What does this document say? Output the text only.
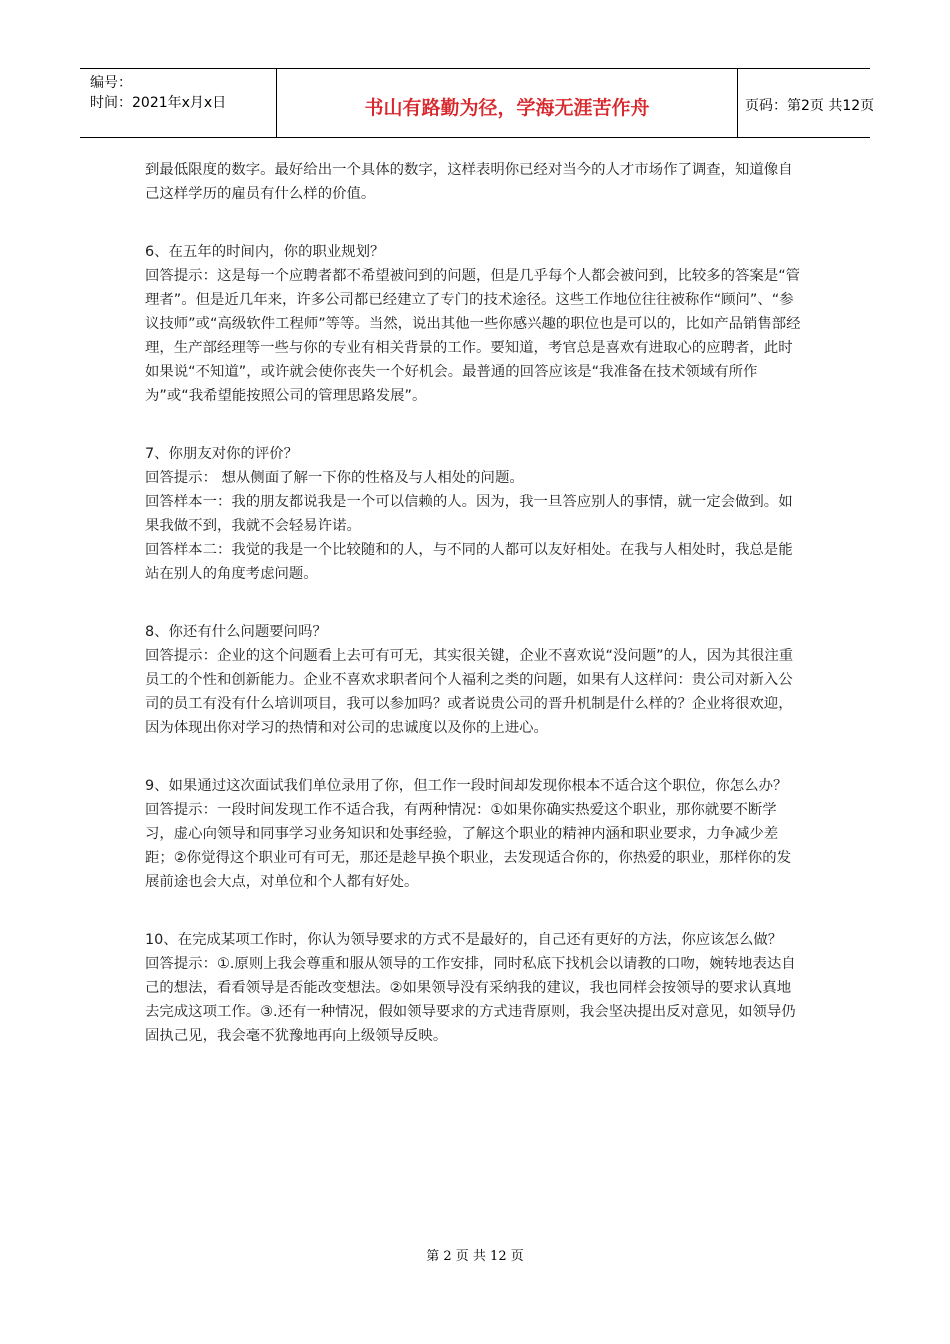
编号：
时间：2021年x月x日	书山有路勤为径，学海无涯苦作舟	页码：第2页 共12页

到最低限度的数字。最好给出一个具体的数字，这样表明你已经对当今的人才市场作了调查，知道像自己这样学历的雇员有什么样的价值。

6、在五年的时间内，你的职业规划？

回答提示：这是每一个应聘者都不希望被问到的问题，但是几乎每个人都会被问到，比较多的答案是“管理者”。但是近几年来，许多公司都已经建立了专门的技术途径。这些工作地位往往被称作“顾问”、“参议技师”或“高级软件工程师”等等。当然，说出其他一些你感兴趣的职位也是可以的，比如产品销售部经理，生产部经理等一些与你的专业有相关背景的工作。要知道，考官总是喜欢有进取心的应聘者，此时如果说“不知道”，或许就会使你丧失一个好机会。最普通的回答应该是“我准备在技术领域有所作为”或“我希望能按照公司的管理思路发展”。

7、你朋友对你的评价？

回答提示： 想从侧面了解一下你的性格及与人相处的问题。

回答样本一：我的朋友都说我是一个可以信赖的人。因为，我一旦答应别人的事情，就一定会做到。如果我做不到，我就不会轻易许诺。

回答样本二：我觉的我是一个比较随和的人，与不同的人都可以友好相处。在我与人相处时，我总是能站在别人的角度考虑问题。

8、你还有什么问题要问吗？

回答提示：企业的这个问题看上去可有可无，其实很关键，企业不喜欢说“没问题”的人，因为其很注重员工的个性和创新能力。企业不喜欢求职者问个人福利之类的问题，如果有人这样问：贵公司对新入公司的员工有没有什么培训项目，我可以参加吗？或者说贵公司的晋升机制是什么样的？企业将很欢迎，因为体现出你对学习的热情和对公司的忠诚度以及你的上进心。

9、如果通过这次面试我们单位录用了你，但工作一段时间却发现你根本不适合这个职位，你怎么办？

回答提示：一段时间发现工作不适合我，有两种情况：①如果你确实热爱这个职业，那你就要不断学习，虚心向领导和同事学习业务知识和处事经验，了解这个职业的精神内涵和职业要求，力争减少差距；②你觉得这个职业可有可无，那还是趁早换个职业，去发现适合你的，你热爱的职业，那样你的发展前途也会大点，对单位和个人都有好处。

10、在完成某项工作时，你认为领导要求的方式不是最好的，自己还有更好的方法，你应该怎么做？

回答提示：①.原则上我会尊重和服从领导的工作安排，同时私底下找机会以请教的口吻，婉转地表达自己的想法，看看领导是否能改变想法。②如果领导没有采纳我的建议，我也同样会按领导的要求认真地去完成这项工作。③.还有一种情况，假如领导要求的方式违背原则，我会坚决提出反对意见，如领导仍固执己见，我会毫不犹豫地再向上级领导反映。

第 2 页 共 12 页
